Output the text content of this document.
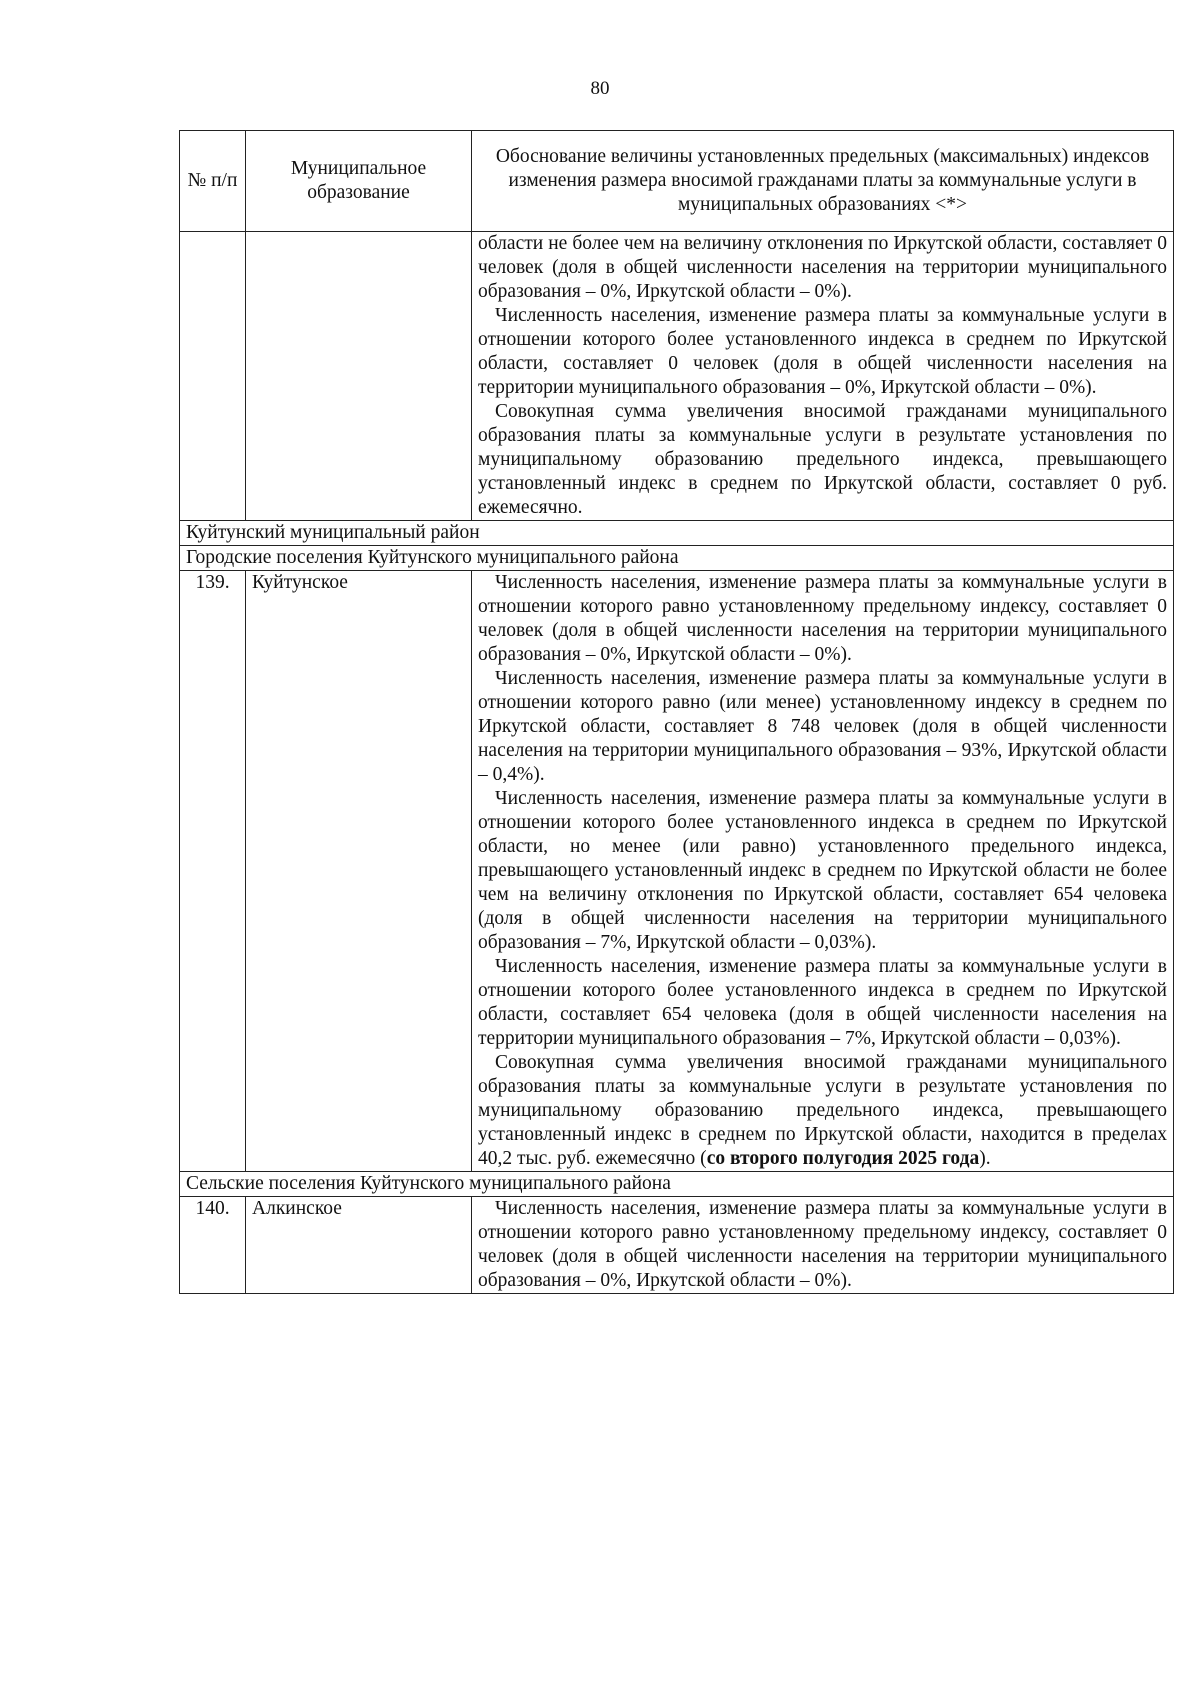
80
№ п/п	Муниципальное образование	Обоснование величины установленных предельных (максимальных) индексов изменения размера вносимой гражданами платы за коммунальные услуги в муниципальных образованиях <*>

		области не более чем на величину отклонения по Иркутской области, составляет 0 человек (доля в общей численности населения на территории муниципального образования – 0%, Иркутской области – 0%).

Численность населения, изменение размера платы за коммунальные услуги в отношении которого более установленного индекса в среднем по Иркутской области, составляет 0 человек (доля в общей численности населения на территории муниципального образования – 0%, Иркутской области – 0%).

Совокупная сумма увеличения вносимой гражданами муниципального образования платы за коммунальные услуги в результате установления по муниципальному образованию предельного индекса, превышающего установленный индекс в среднем по Иркутской области, составляет 0 руб. ежемесячно.

Куйтунский муниципальный район		
Городские поселения Куйтунского муниципального района		
139.	Куйтунское	Численность населения, изменение размера платы за коммунальные услуги в отношении которого равно установленному предельному индексу, составляет 0 человек (доля в общей численности населения на территории муниципального образования – 0%, Иркутской области – 0%).

Численность населения, изменение размера платы за коммунальные услуги в отношении которого равно (или менее) установленному индексу в среднем по Иркутской области, составляет 8 748 человек (доля в общей численности населения на территории муниципального образования – 93%, Иркутской области – 0,4%).

Численность населения, изменение размера платы за коммунальные услуги в отношении которого более установленного индекса в среднем по Иркутской области, но менее (или равно) установленного предельного индекса, превышающего установленный индекс в среднем по Иркутской области не более чем на величину отклонения по Иркутской области, составляет 654 человека (доля в общей численности населения на территории муниципального образования – 7%, Иркутской области – 0,03%).

Численность населения, изменение размера платы за коммунальные услуги в отношении которого более установленного индекса в среднем по Иркутской области, составляет 654 человека (доля в общей численности населения на территории муниципального образования – 7%, Иркутской области – 0,03%).

Совокупная сумма увеличения вносимой гражданами муниципального образования платы за коммунальные услуги в результате установления по муниципальному образованию предельного индекса, превышающего установленный индекс в среднем по Иркутской области, находится в пределах 40,2 тыс. руб. ежемесячно (со второго полугодия 2025 года).

Сельские поселения Куйтунского муниципального района		
140.	Алкинское	Численность населения, изменение размера платы за коммунальные услуги в отношении которого равно установленному предельному индексу, составляет 0 человек (доля в общей численности населения на территории муниципального образования – 0%, Иркутской области – 0%).
